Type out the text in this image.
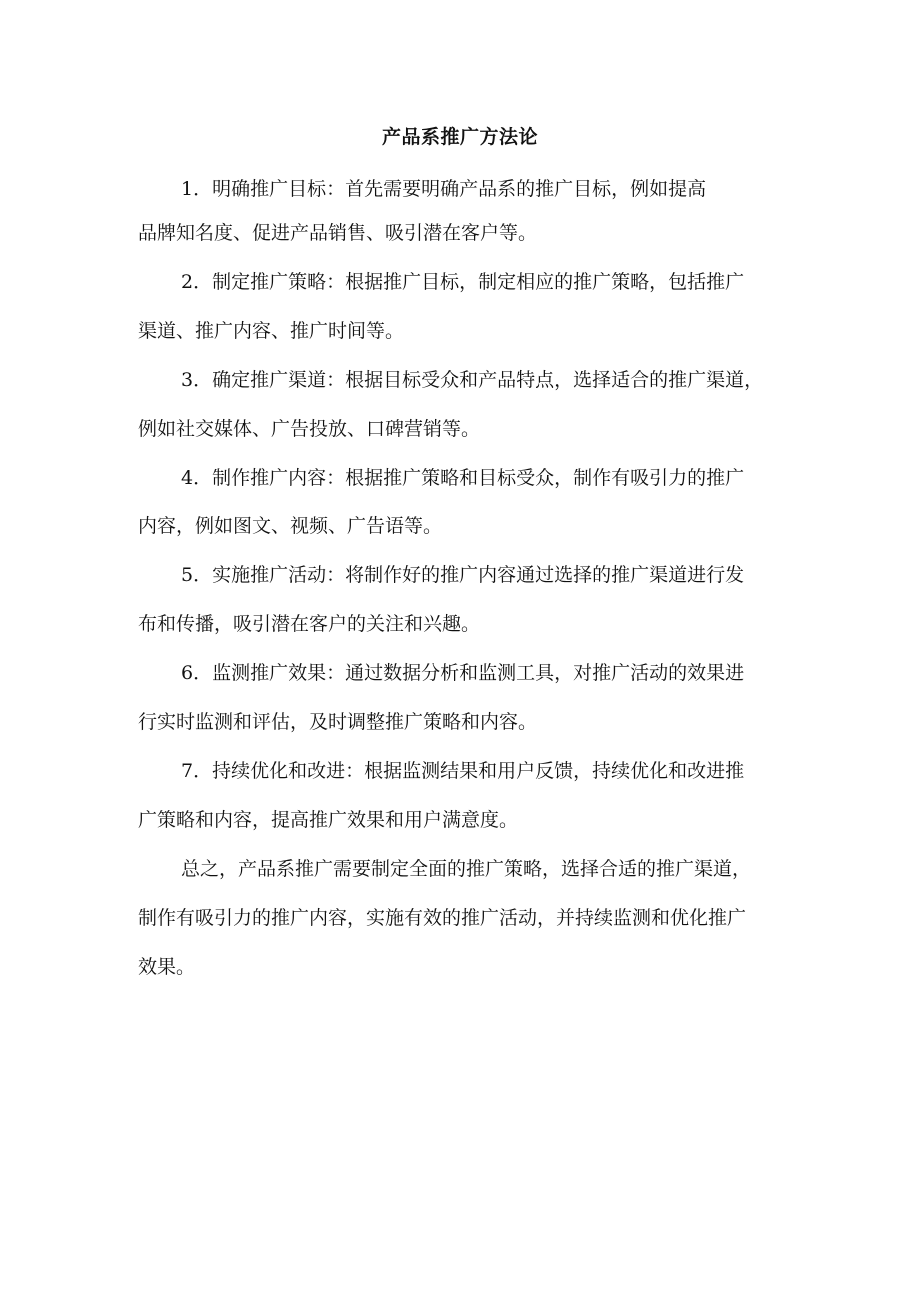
产品系推广方法论

1．明确推广目标：首先需要明确产品系的推广目标，例如提高

品牌知名度、促进产品销售、吸引潜在客户等。

2．制定推广策略：根据推广目标，制定相应的推广策略，包括推广

渠道、推广内容、推广时间等。

3．确定推广渠道：根据目标受众和产品特点，选择适合的推广渠道，

例如社交媒体、广告投放、口碑营销等。

4．制作推广内容：根据推广策略和目标受众，制作有吸引力的推广

内容，例如图文、视频、广告语等。

5．实施推广活动：将制作好的推广内容通过选择的推广渠道进行发

布和传播，吸引潜在客户的关注和兴趣。

6．监测推广效果：通过数据分析和监测工具，对推广活动的效果进

行实时监测和评估，及时调整推广策略和内容。

7．持续优化和改进：根据监测结果和用户反馈，持续优化和改进推

广策略和内容，提高推广效果和用户满意度。

总之，产品系推广需要制定全面的推广策略，选择合适的推广渠道，

制作有吸引力的推广内容，实施有效的推广活动，并持续监测和优化推广

效果。
